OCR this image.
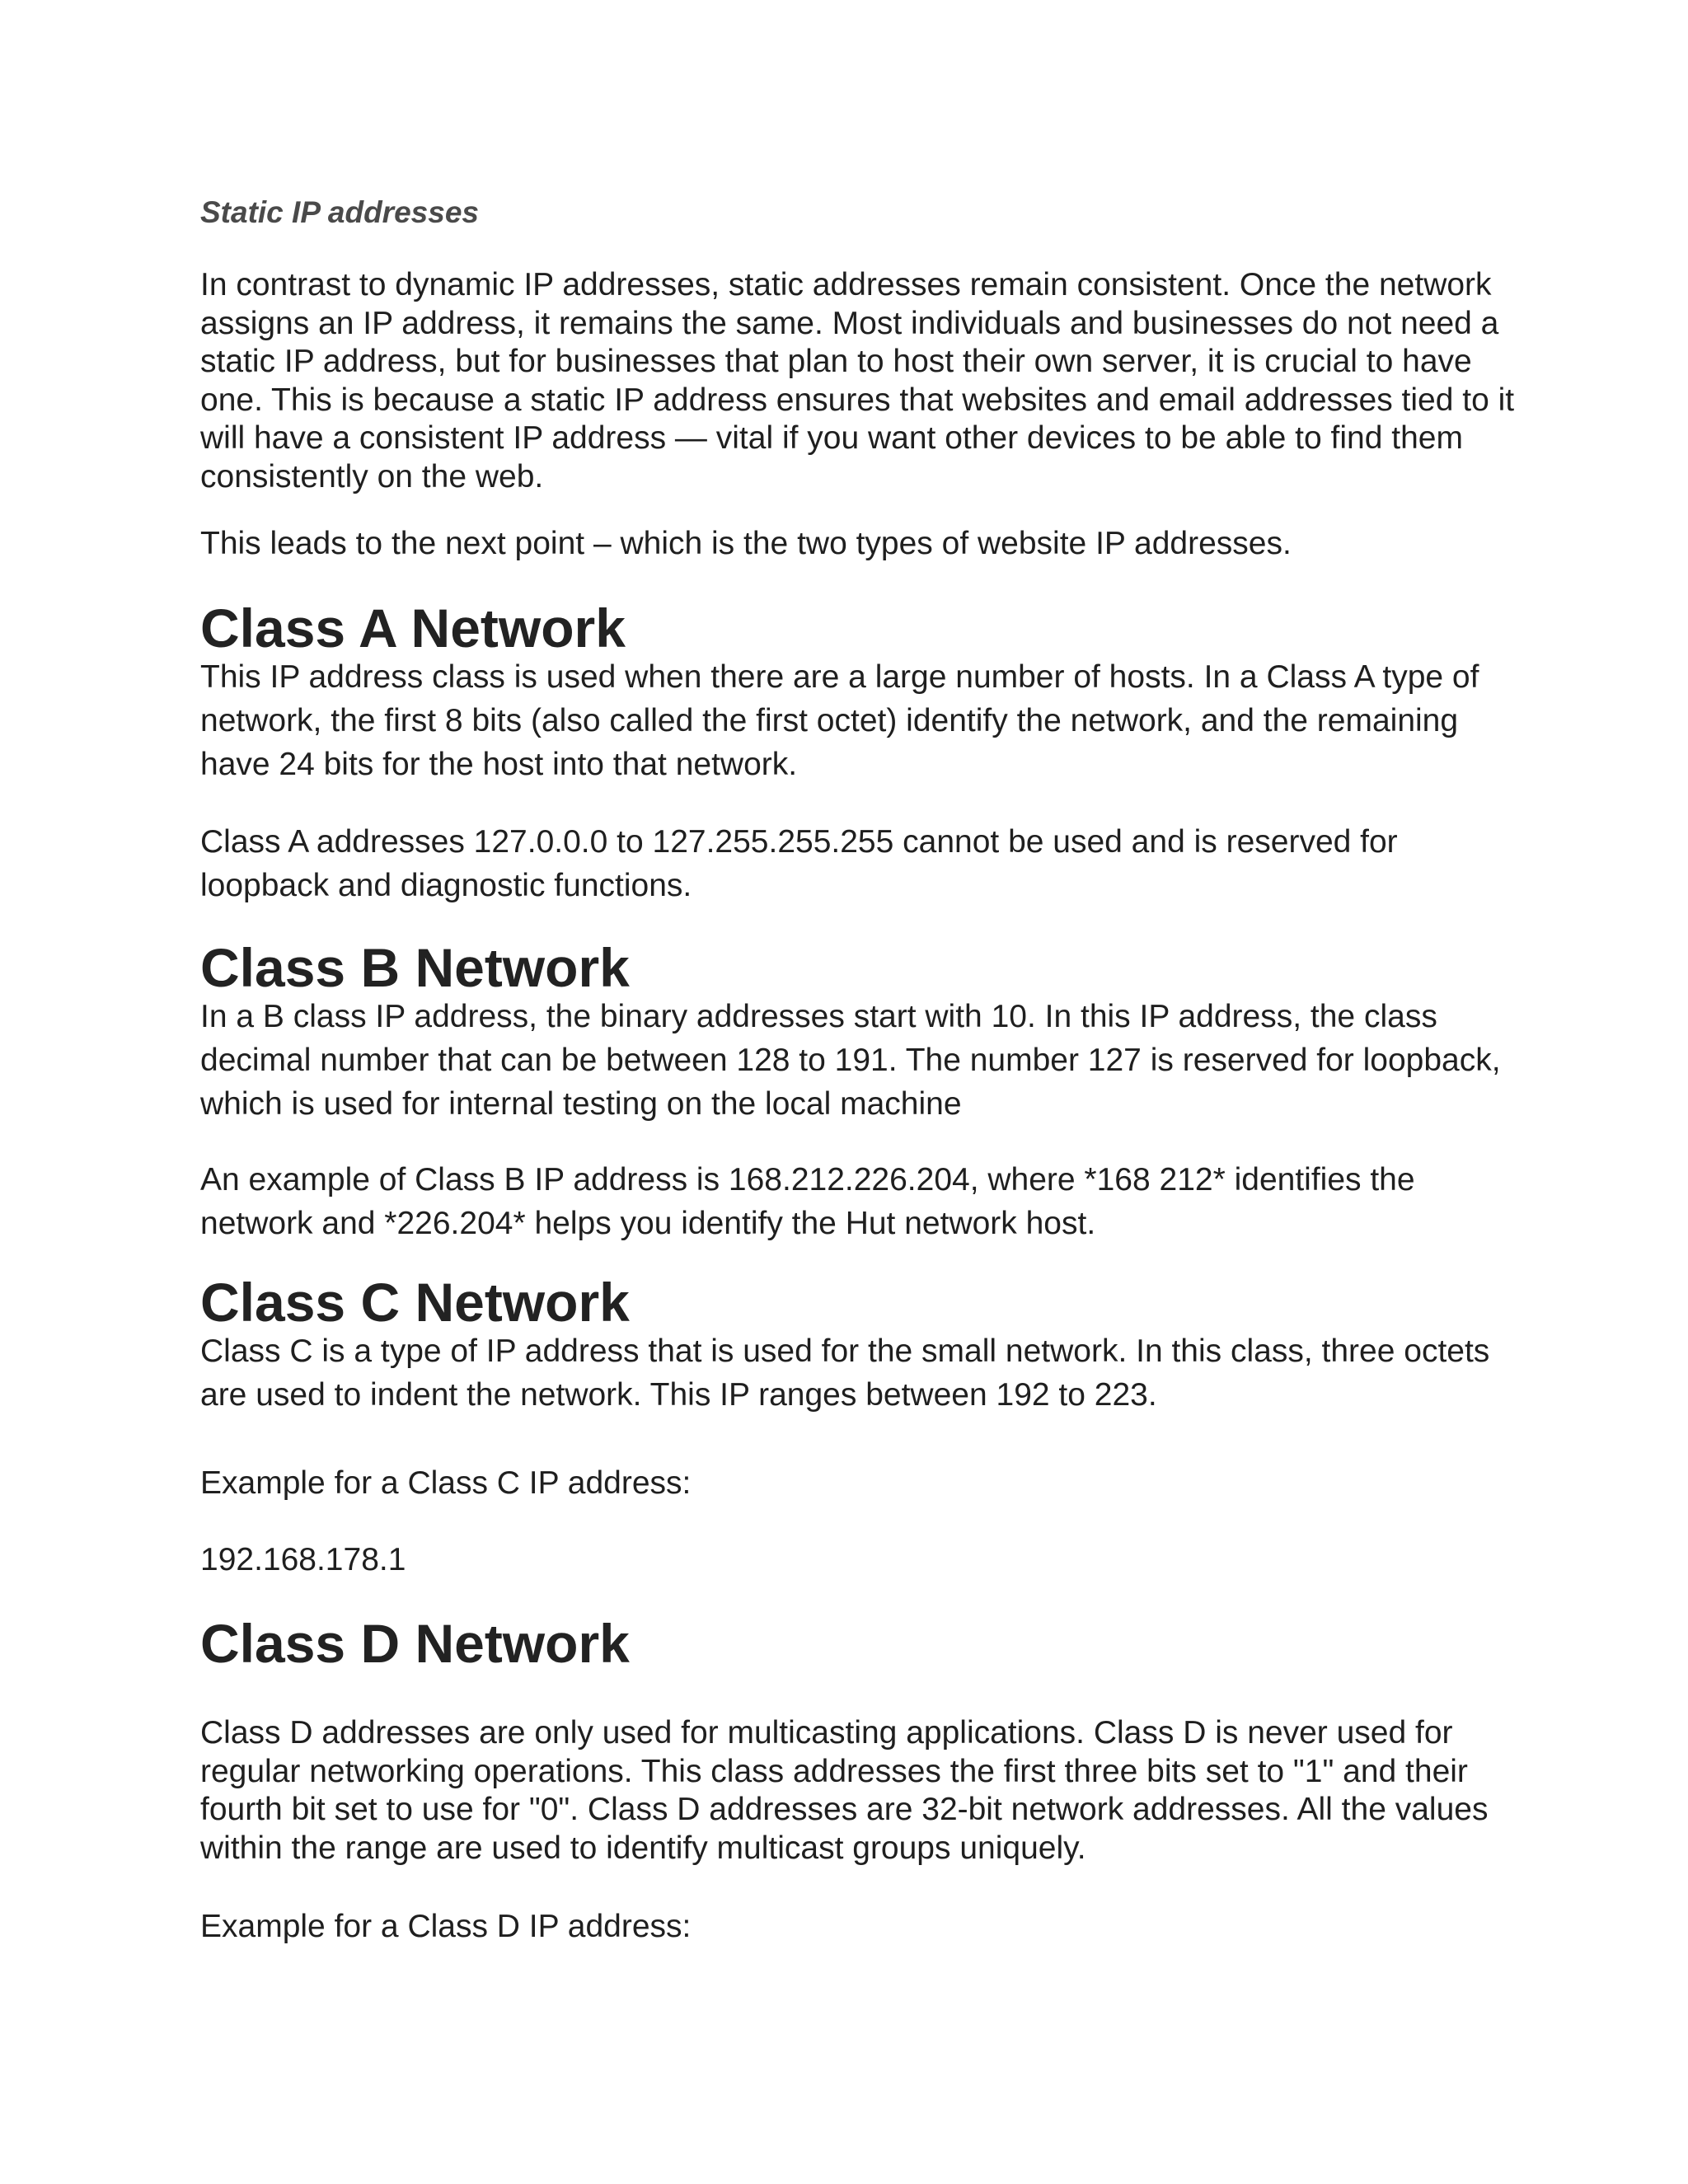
Static IP addresses

In contrast to dynamic IP addresses, static addresses remain consistent. Once the network assigns an IP address, it remains the same. Most individuals and businesses do not need a static IP address, but for businesses that plan to host their own server, it is crucial to have one. This is because a static IP address ensures that websites and email addresses tied to it will have a consistent IP address — vital if you want other devices to be able to find them consistently on the web.

This leads to the next point – which is the two types of website IP addresses.

Class A Network

This IP address class is used when there are a large number of hosts. In a Class A type of network, the first 8 bits (also called the first octet) identify the network, and the remaining have 24 bits for the host into that network.

Class A addresses 127.0.0.0 to 127.255.255.255 cannot be used and is reserved for loopback and diagnostic functions.

Class B Network

In a B class IP address, the binary addresses start with 10. In this IP address, the class decimal number that can be between 128 to 191. The number 127 is reserved for loopback, which is used for internal testing on the local machine

An example of Class B IP address is 168.212.226.204, where *168 212* identifies the network and *226.204* helps you identify the Hut network host.

Class C Network

Class C is a type of IP address that is used for the small network. In this class, three octets are used to indent the network. This IP ranges between 192 to 223.

Example for a Class C IP address:

192.168.178.1

Class D Network

Class D addresses are only used for multicasting applications. Class D is never used for regular networking operations. This class addresses the first three bits set to "1" and their fourth bit set to use for "0". Class D addresses are 32-bit network addresses. All the values within the range are used to identify multicast groups uniquely.

Example for a Class D IP address:
